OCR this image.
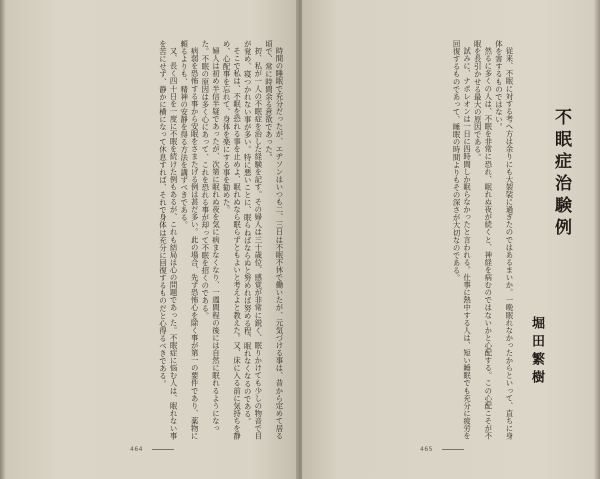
時間の睡眠で充分だったが、エヂソンはいつも二、三日は不眠不休で働いたが、元気づける事は、昔から定めて居る頃で、常に時間余る意欲であった。

扨、私が一人の不眠症を治した経験を記す。その婦人は三十歳位、感覚が非常に鋭く、眠りかけても少しの物音で目が覚め、寝つかれない事が多い。特に悪いことに、眠らねばならぬと努めれば努める程、眠れなくなるのである。

そこで私は、不眠を恐れる事を止めよ、眠れぬなら眠らずともよいと考えよと教えた。又、床に入る前に気持ちを静め、心配事を忘れて、身体を楽にする事を勧めた。

婦人は初め半信半疑であったが、次第に眠れぬ夜を気に病まなくなり、一週間程の後には自然に眠れるようになった。不眠の原因は多く心にあって、これを恐れる事が却って不眠を招くのである。

病弱を恐怖する事から安眠をさまたげる例は甚だ多い。此の場合、先ず恐怖心を除く事が第一の要件であり、薬物に頼るよりも、精神の安静を得る方法を講ずべきである。

又、長く四十日を一度に不眠を続けた例もあるが、これも結局は心の問題であった。不眠症に悩む人は、眠れない事を苦にせず、静かに横になって休息すれば、それで身体は充分に回復するものだと心得るべきである。

464

従来、不眠に対する考へ方は余りにも大袈裟に過ぎたのではあるまいか。一晩眠れなかったからといって、直ちに身体を害するものではない。

然るに多くの人は、不眠を非常に恐れ、眠れぬ夜が続くと、神経を病むのではないかと心配する。この心配こそが不眠を長引かせる最大の原因である。

試みに、ナポレオンは一日に四時間しか眠らなかったと言われる。仕事に熱中する人は、短い睡眠でも充分に疲労を回復するものであって、睡眠の時間よりもその深さが大切なのである。	不眠症治験例
堀田繁樹
465
